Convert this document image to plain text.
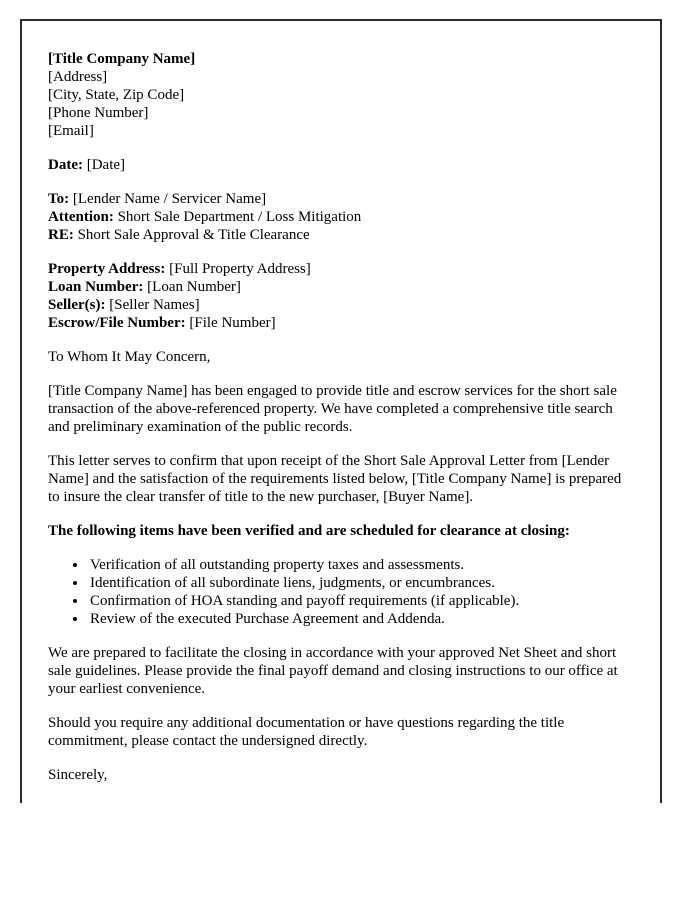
[Title Company Name]
[Address]
[City, State, Zip Code]
[Phone Number]
[Email]
Date: [Date]
To: [Lender Name / Servicer Name]
Attention: Short Sale Department / Loss Mitigation
RE: Short Sale Approval & Title Clearance
Property Address: [Full Property Address]
Loan Number: [Loan Number]
Seller(s): [Seller Names]
Escrow/File Number: [File Number]

To Whom It May Concern,

[Title Company Name] has been engaged to provide title and escrow services for the short sale transaction of the above-referenced property. We have completed a comprehensive title search and preliminary examination of the public records.

This letter serves to confirm that upon receipt of the Short Sale Approval Letter from [Lender Name] and the satisfaction of the requirements listed below, [Title Company Name] is prepared to insure the clear transfer of title to the new purchaser, [Buyer Name].

The following items have been verified and are scheduled for clearance at closing:

• Verification of all outstanding property taxes and assessments.
• Identification of all subordinate liens, judgments, or encumbrances.
• Confirmation of HOA standing and payoff requirements (if applicable).
• Review of the executed Purchase Agreement and Addenda.

We are prepared to facilitate the closing in accordance with your approved Net Sheet and short sale guidelines. Please provide the final payoff demand and closing instructions to our office at your earliest convenience.

Should you require any additional documentation or have questions regarding the title commitment, please contact the undersigned directly.

Sincerely,
